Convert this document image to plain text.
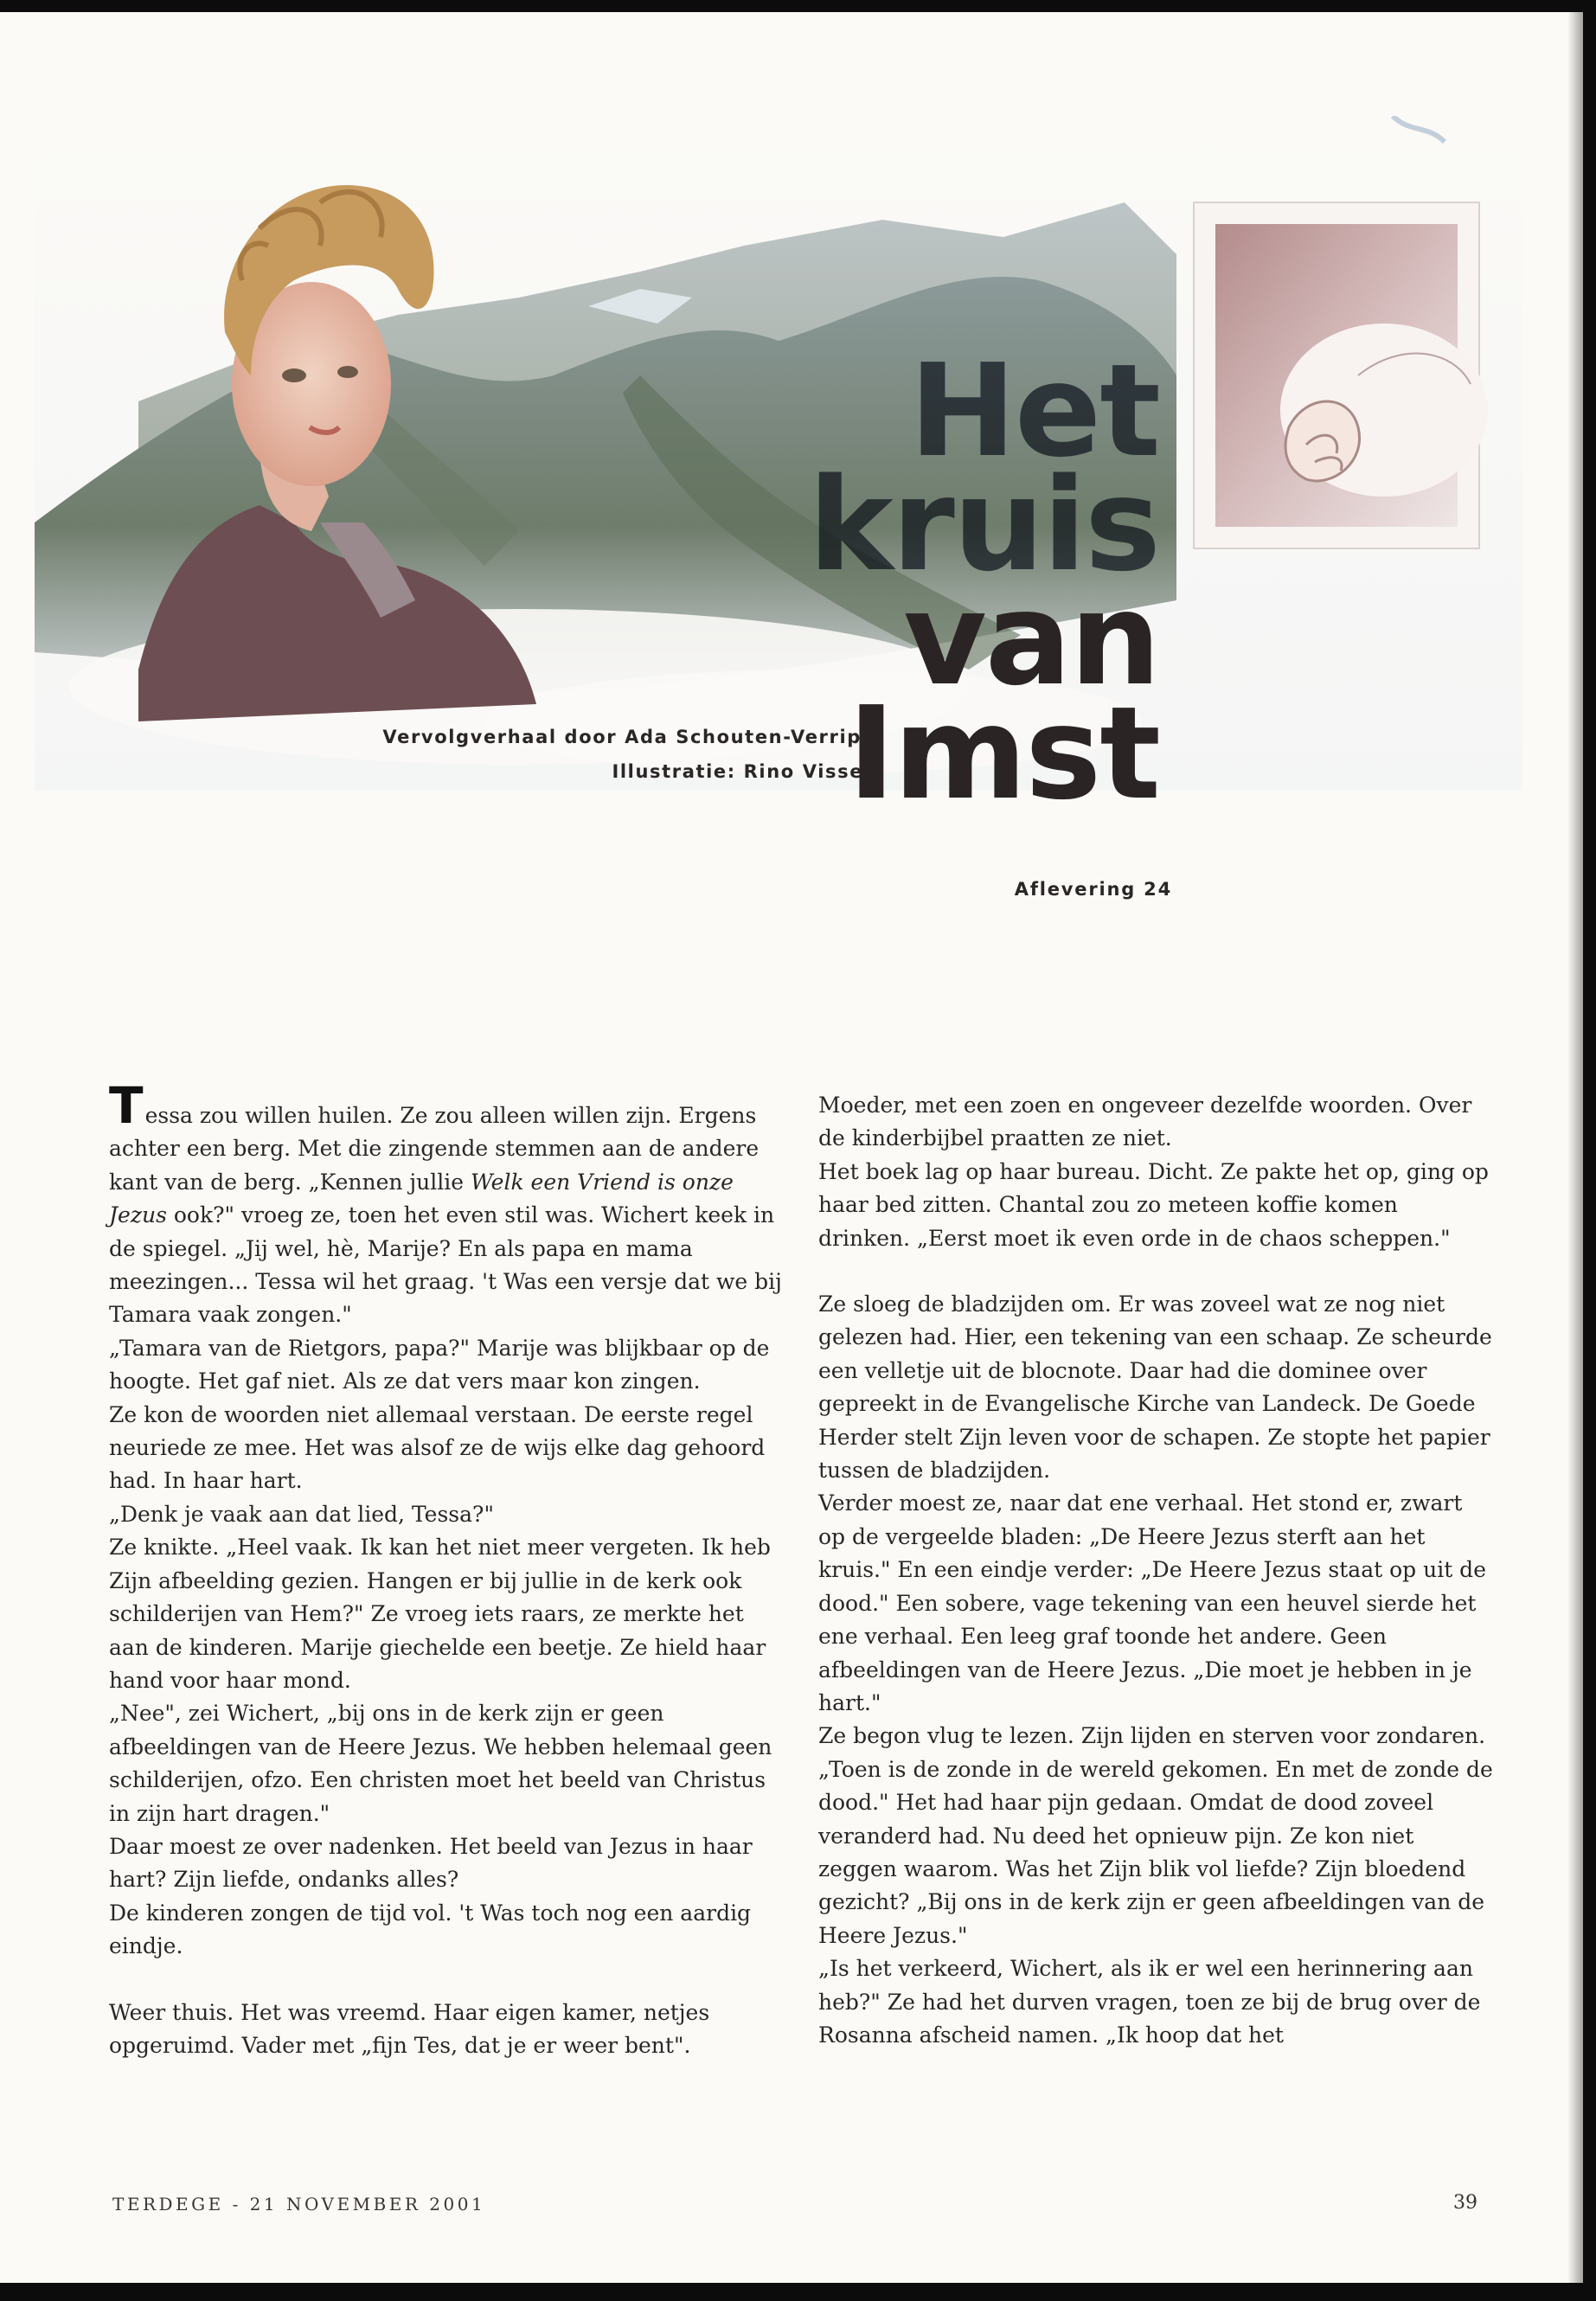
Het
kruis
van
Imst
Vervolgverhaal door Ada Schouten-Verrips
Illustratie: Rino Visser
Aflevering 24

Tessa zou willen huilen. Ze zou alleen willen zijn. Ergens achter een berg. Met die zingende stemmen aan de andere kant van de berg. „Kennen jullie Welk een Vriend is onze Jezus ook?" vroeg ze, toen het even stil was. Wichert keek in de spiegel. „Jij wel, hè, Marije? En als papa en mama meezingen... Tessa wil het graag. 't Was een versje dat we bij Tamara vaak zongen."

„Tamara van de Rietgors, papa?" Marije was blijkbaar op de hoogte. Het gaf niet. Als ze dat vers maar kon zingen.

Ze kon de woorden niet allemaal verstaan. De eerste regel neuriede ze mee. Het was alsof ze de wijs elke dag gehoord had. In haar hart.

„Denk je vaak aan dat lied, Tessa?"

Ze knikte. „Heel vaak. Ik kan het niet meer vergeten. Ik heb Zijn afbeelding gezien. Hangen er bij jullie in de kerk ook schilderijen van Hem?" Ze vroeg iets raars, ze merkte het aan de kinderen. Marije giechelde een beetje. Ze hield haar hand voor haar mond.

„Nee", zei Wichert, „bij ons in de kerk zijn er geen afbeeldingen van de Heere Jezus. We hebben helemaal geen schilderijen, ofzo. Een christen moet het beeld van Christus in zijn hart dragen."

Daar moest ze over nadenken. Het beeld van Jezus in haar hart? Zijn liefde, ondanks alles?

De kinderen zongen de tijd vol. 't Was toch nog een aardig eindje.

Weer thuis. Het was vreemd. Haar eigen kamer, netjes opgeruimd. Vader met „fijn Tes, dat je er weer bent".

Moeder, met een zoen en ongeveer dezelfde woorden. Over de kinderbijbel praatten ze niet.

Het boek lag op haar bureau. Dicht. Ze pakte het op, ging op haar bed zitten. Chantal zou zo meteen koffie komen drinken. „Eerst moet ik even orde in de chaos scheppen."

Ze sloeg de bladzijden om. Er was zoveel wat ze nog niet gelezen had. Hier, een tekening van een schaap. Ze scheurde een velletje uit de blocnote. Daar had die dominee over gepreekt in de Evangelische Kirche van Landeck. De Goede Herder stelt Zijn leven voor de schapen. Ze stopte het papier tussen de bladzijden.

Verder moest ze, naar dat ene verhaal. Het stond er, zwart op de vergeelde bladen: „De Heere Jezus sterft aan het kruis." En een eindje verder: „De Heere Jezus staat op uit de dood." Een sobere, vage tekening van een heuvel sierde het ene verhaal. Een leeg graf toonde het andere. Geen afbeeldingen van de Heere Jezus. „Die moet je hebben in je hart."

Ze begon vlug te lezen. Zijn lijden en sterven voor zondaren. „Toen is de zonde in de wereld gekomen. En met de zonde de dood." Het had haar pijn gedaan. Omdat de dood zoveel veranderd had. Nu deed het opnieuw pijn. Ze kon niet zeggen waarom. Was het Zijn blik vol liefde? Zijn bloedend gezicht? „Bij ons in de kerk zijn er geen afbeeldingen van de Heere Jezus."

„Is het verkeerd, Wichert, als ik er wel een herinnering aan heb?" Ze had het durven vragen, toen ze bij de brug over de Rosanna afscheid namen. „Ik hoop dat het

TERDEGE - 21 NOVEMBER 2001	39
